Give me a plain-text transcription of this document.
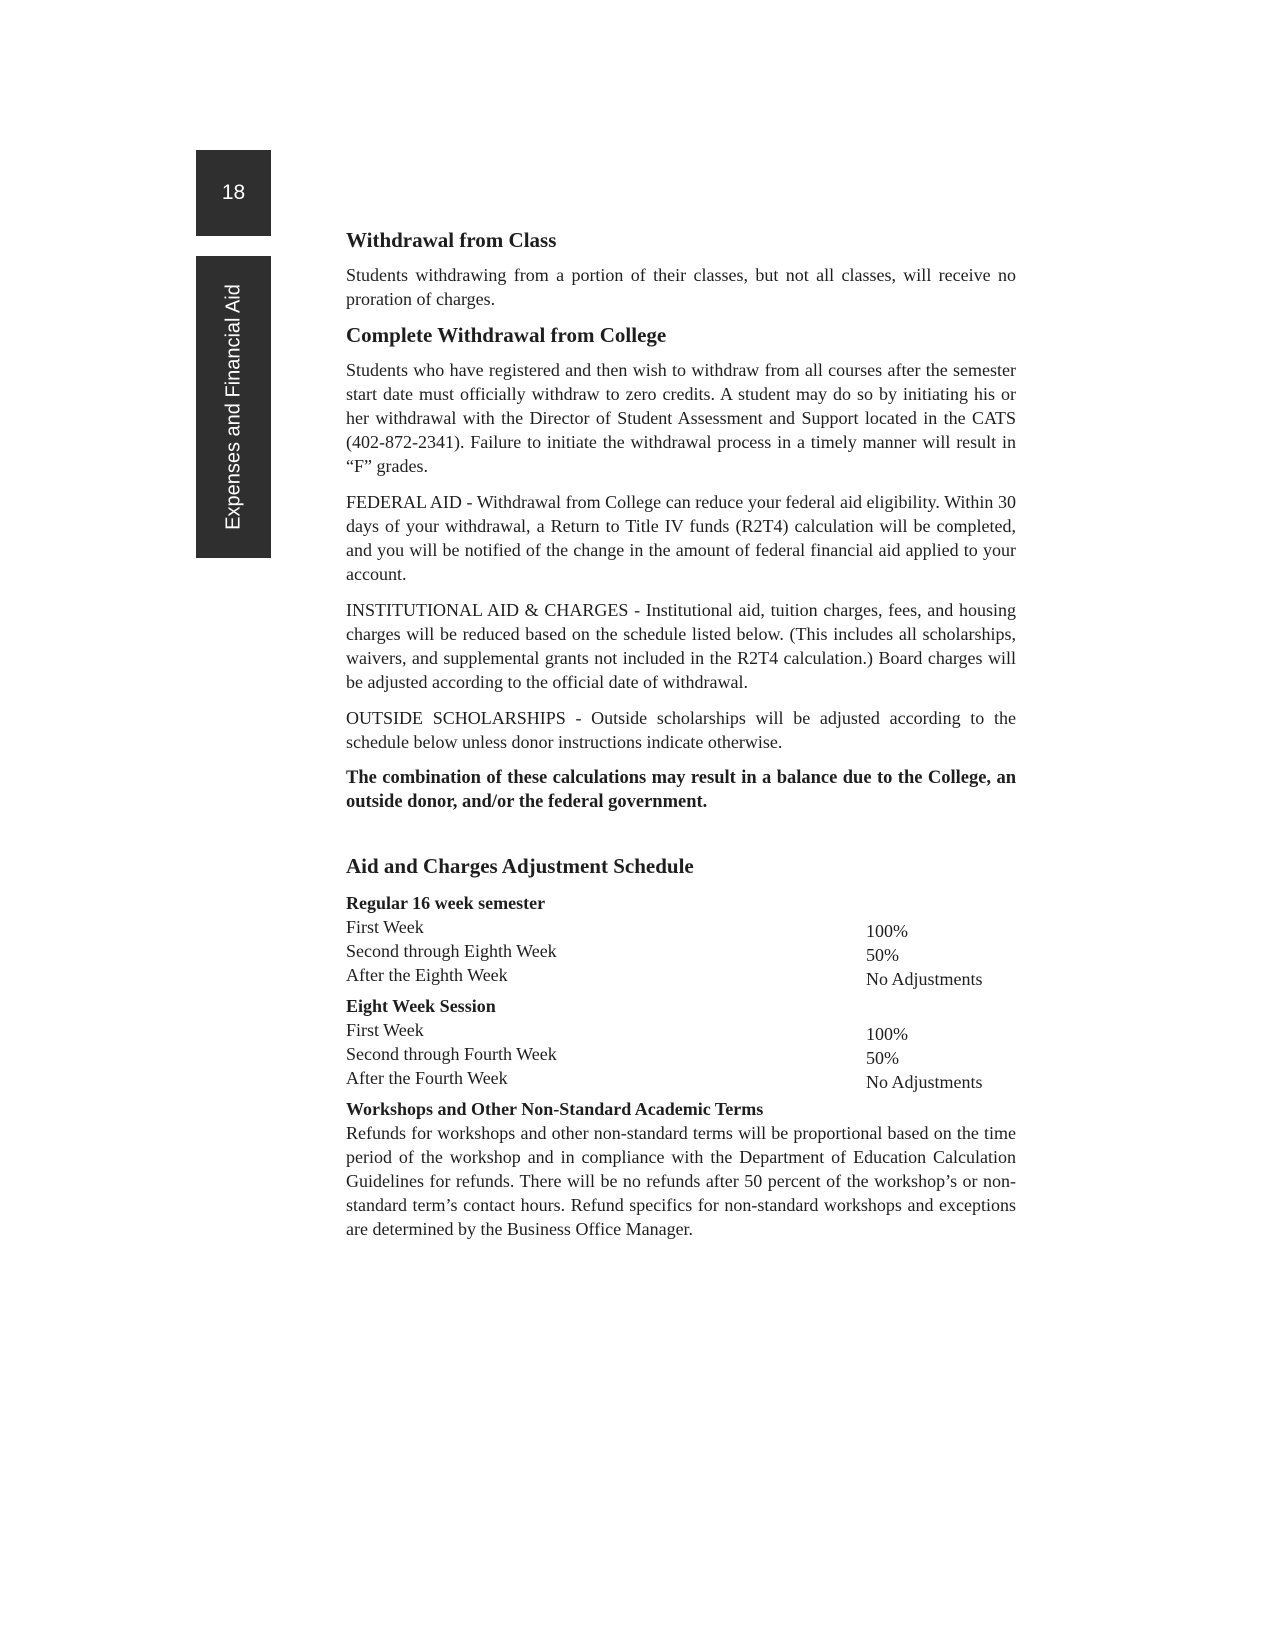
18
Expenses and Financial Aid
Withdrawal from Class

Students withdrawing from a portion of their classes, but not all classes, will receive no proration of charges.

Complete Withdrawal from College

Students who have registered and then wish to withdraw from all courses after the semester start date must officially withdraw to zero credits. A student may do so by initiating his or her withdrawal with the Director of Student Assessment and Support located in the CATS (402-872-2341). Failure to initiate the withdrawal process in a timely manner will result in “F” grades.

FEDERAL AID - Withdrawal from College can reduce your federal aid eligibility. Within 30 days of your withdrawal, a Return to Title IV funds (R2T4) calculation will be completed, and you will be notified of the change in the amount of federal financial aid applied to your account.

INSTITUTIONAL AID & CHARGES - Institutional aid, tuition charges, fees, and housing charges will be reduced based on the schedule listed below. (This includes all scholarships, waivers, and supplemental grants not included in the R2T4 calculation.) Board charges will be adjusted according to the official date of withdrawal.

OUTSIDE SCHOLARSHIPS - Outside scholarships will be adjusted according to the schedule below unless donor instructions indicate otherwise.

The combination of these calculations may result in a balance due to the College, an outside donor, and/or the federal government.

Aid and Charges Adjustment Schedule
Regular 16 week semester
First Week	100%
Second through Eighth Week	50%
After the Eighth Week	No Adjustments
Eight Week Session
First Week	100%
Second through Fourth Week	50%
After the Fourth Week	No Adjustments
Workshops and Other Non-Standard Academic Terms

Refunds for workshops and other non-standard terms will be proportional based on the time period of the workshop and in compliance with the Department of Education Calculation Guidelines for refunds. There will be no refunds after 50 percent of the workshop’s or non-standard term’s contact hours. Refund specifics for non-standard workshops and exceptions are determined by the Business Office Manager.
